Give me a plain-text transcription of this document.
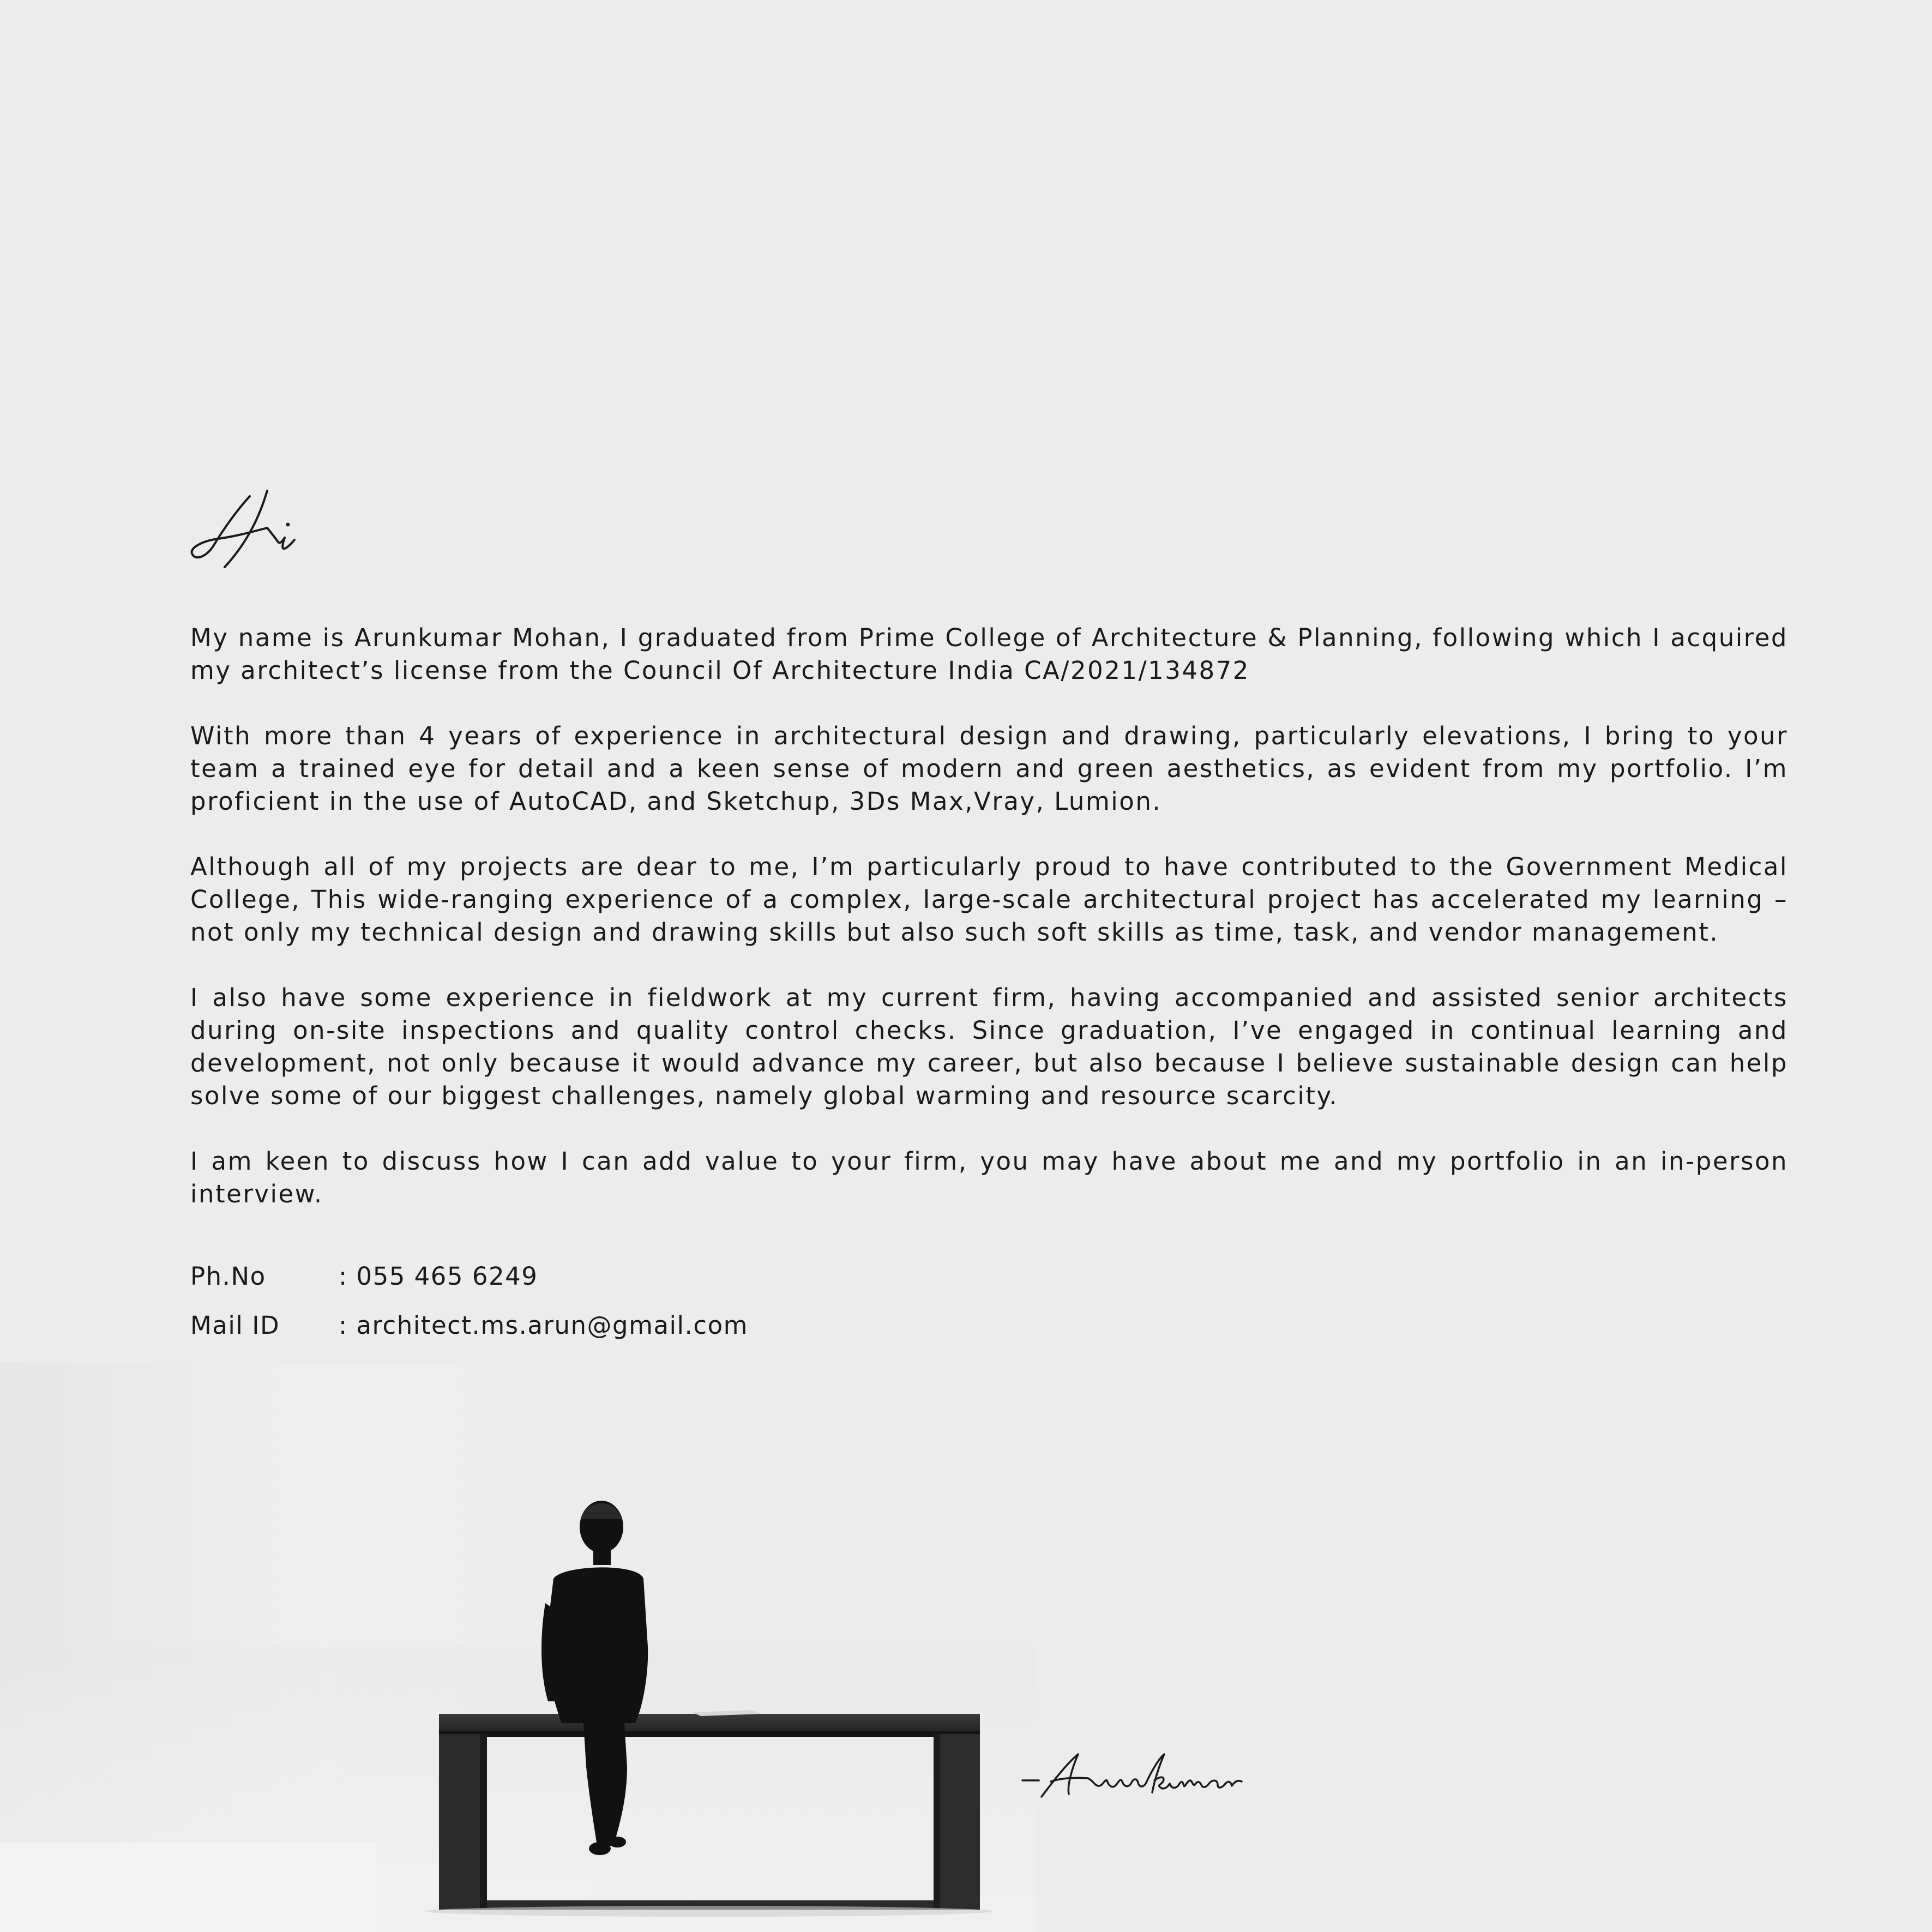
My name is Arunkumar Mohan, I graduated from Prime College of Architecture & Planning, following which I acquired my architect’s license from the Council Of Architecture India CA/2021/134872

With more than 4 years of experience in architectural design and drawing, particularly elevations, I bring to your team a trained eye for detail and a keen sense of modern and green aesthetics, as evident from my portfolio. I’m proficient in the use of AutoCAD, and Sketchup, 3Ds Max,Vray, Lumion.

Although all of my projects are dear to me, I’m particularly proud to have contributed to the Government Medical College, This wide-ranging experience of a complex, large-scale architectural project has accelerated my learning – not only my technical design and drawing skills but also such soft skills as time, task, and vendor management.

I also have some experience in fieldwork at my current firm, having accompanied and assisted senior architects during on-site inspections and quality control checks. Since graduation, I’ve engaged in continual learning and development, not only because it would advance my career, but also because I believe sustainable design can help solve some of our biggest challenges, namely global warming and resource scarcity.

I am keen to discuss how I can add value to your firm, you may have about me and my portfolio in an in-person interview.

Ph.No	: 055 465 6249
Mail ID	: architect.ms.arun@gmail.com
